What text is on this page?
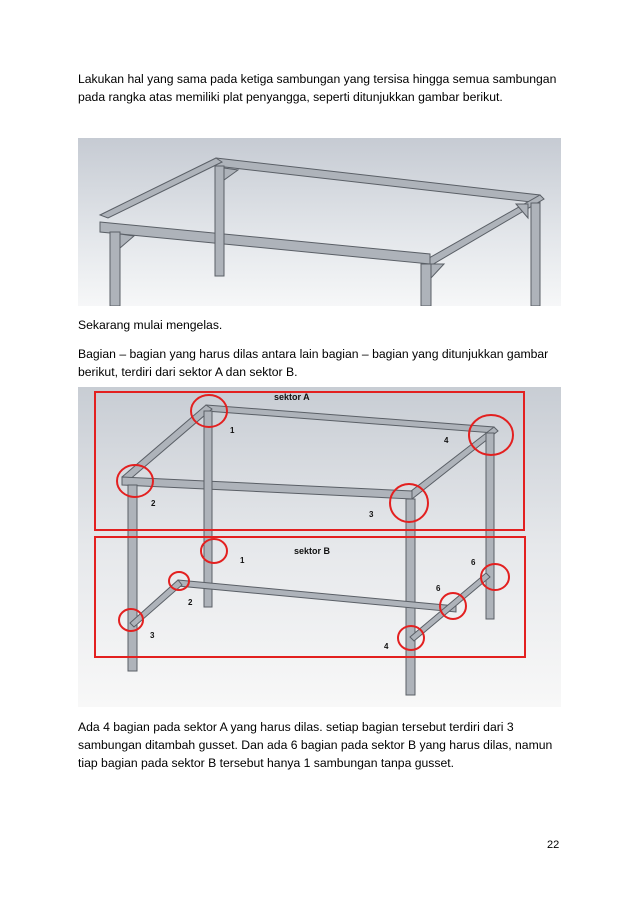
Lakukan hal yang sama pada ketiga sambungan yang tersisa hingga semua sambungan pada rangka atas memiliki plat penyangga, seperti ditunjukkan gambar berikut.

Sekarang mulai mengelas.

Bagian – bagian yang harus dilas antara lain bagian – bagian yang ditunjukkan gambar berikut, terdiri dari sektor A dan sektor B.

sektor A
sektor B
1
2
3
4
1
2
3
4
6
6

Ada 4 bagian pada sektor A yang harus dilas. setiap bagian tersebut terdiri dari 3 sambungan ditambah gusset. Dan ada 6 bagian pada sektor B yang harus dilas, namun tiap bagian pada sektor B tersebut hanya 1 sambungan tanpa gusset.

22
